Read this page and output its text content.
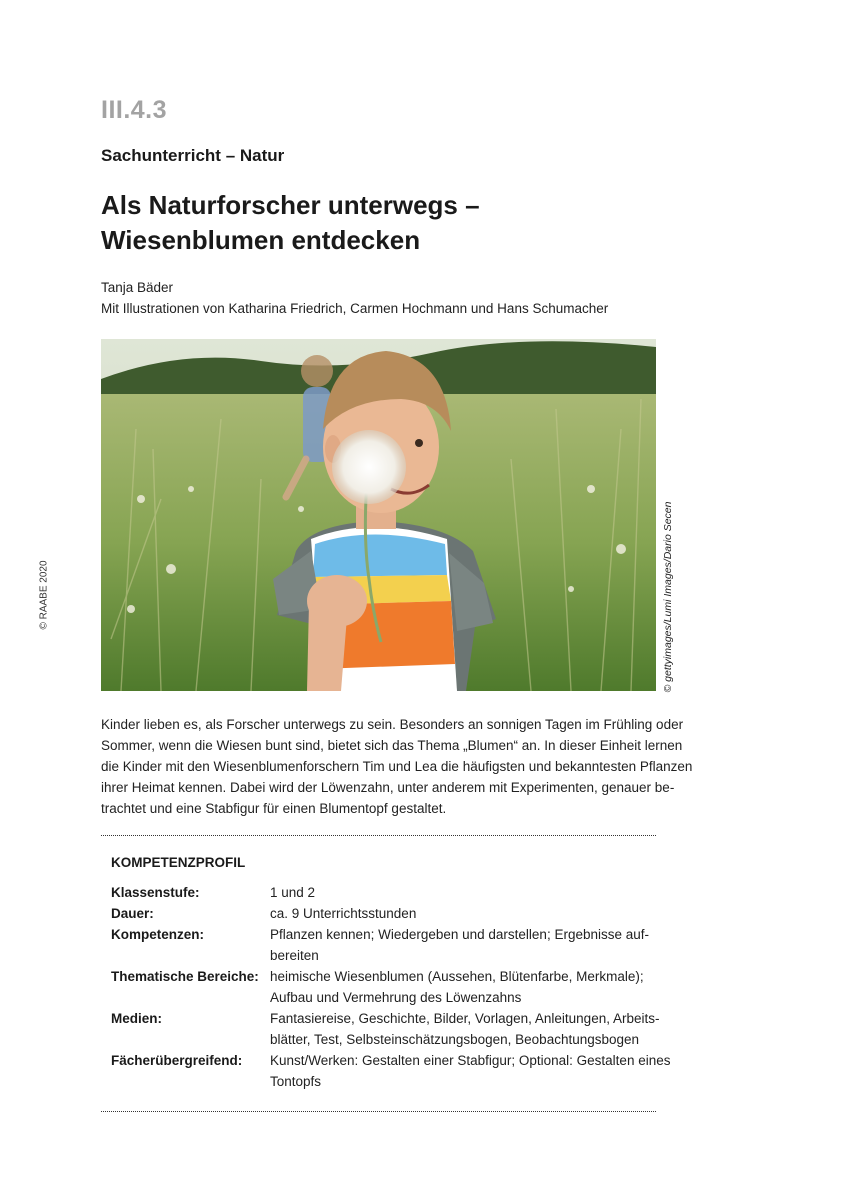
III.4.3
Sachunterricht – Natur
Als Naturforscher unterwegs –
Wiesenblumen entdecken
Tanja Bäder
Mit Illustrationen von Katharina Friedrich, Carmen Hochmann und Hans Schumacher
© RAABE 2020	© gettyimages/Lumi Images/Dario Secen
Kinder lieben es, als Forscher unterwegs zu sein. Besonders an sonnigen Tagen im Frühling oder
Sommer, wenn die Wiesen bunt sind, bietet sich das Thema „Blumen“ an. In dieser Einheit lernen
die Kinder mit den Wiesenblumenforschern Tim und Lea die häufigsten und bekanntesten Pflanzen
ihrer Heimat kennen. Dabei wird der Löwenzahn, unter anderem mit Experimenten, genauer be-
trachtet und eine Stabfigur für einen Blumentopf gestaltet.
KOMPETENZPROFIL
Klassenstufe:	1 und 2
Dauer:	ca. 9 Unterrichtsstunden
Kompetenzen:	Pflanzen kennen; Wiedergeben und darstellen; Ergebnisse auf-
bereiten
Thematische Bereiche: heimische Wiesenblumen (Aussehen, Blütenfarbe, Merkmale);
Aufbau und Vermehrung des Löwenzahns
Medien:	Fantasiereise, Geschichte, Bilder, Vorlagen, Anleitungen, Arbeits-
blätter, Test, Selbsteinschätzungsbogen, Beobachtungsbogen
Fächerübergreifend:	Kunst/Werken: Gestalten einer Stabfigur; Optional: Gestalten eines
Tontopfs
